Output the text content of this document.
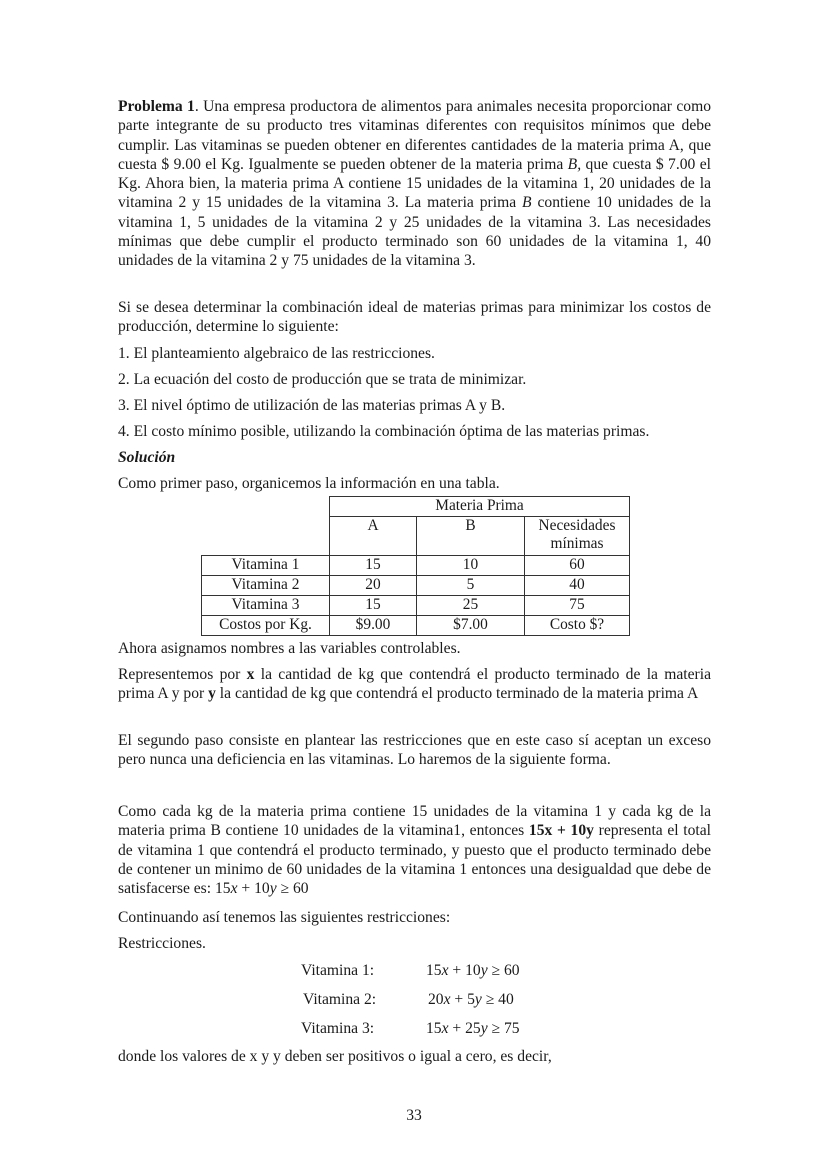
Problema 1. Una empresa productora de alimentos para animales necesita proporcionar como parte integrante de su producto tres vitaminas diferentes con requisitos mínimos que debe cumplir. Las vitaminas se pueden obtener en diferentes cantidades de la materia prima A, que cuesta $ 9.00 el Kg. Igualmente se pueden obtener de la materia prima B, que cuesta $ 7.00 el Kg. Ahora bien, la materia prima A contiene 15 unidades de la vitamina 1, 20 unidades de la vitamina 2 y 15 unidades de la vitamina 3. La materia prima B contiene 10 unidades de la vitamina 1, 5 unidades de la vitamina 2 y 25 unidades de la vitamina 3. Las necesidades mínimas que debe cumplir el producto terminado son 60 unidades de la vitamina 1, 40 unidades de la vitamina 2 y 75 unidades de la vitamina 3.

Si se desea determinar la combinación ideal de materias primas para minimizar los costos de producción, determine lo siguiente:

1. El planteamiento algebraico de las restricciones.

2. La ecuación del costo de producción que se trata de minimizar.

3. El nivel óptimo de utilización de las materias primas A y B.

4. El costo mínimo posible, utilizando la combinación óptima de las materias primas.

Solución

Como primer paso, organicemos la información en una tabla.

	Materia Prima		
	A	B	Necesidades mínimas
Vitamina 1	15	10	60
Vitamina 2	20	5	40
Vitamina 3	15	25	75
Costos por Kg.	$9.00	$7.00	Costo $?

Ahora asignamos nombres a las variables controlables.

Representemos por x la cantidad de kg que contendrá el producto terminado de la materia prima A y por y la cantidad de kg que contendrá el producto terminado de la materia prima A

El segundo paso consiste en plantear las restricciones que en este caso sí aceptan un exceso pero nunca una deficiencia en las vitaminas. Lo haremos de la siguiente forma.

Como cada kg de la materia prima contiene 15 unidades de la vitamina 1 y cada kg de la materia prima B contiene 10 unidades de la vitamina1, entonces 15x + 10y representa el total de vitamina 1 que contendrá el producto terminado, y puesto que el producto terminado debe de contener un minimo de 60 unidades de la vitamina 1 entonces una desigualdad que debe de satisfacerse es: 15x + 10y ≥ 60

Continuando así tenemos las siguientes restricciones:

Restricciones.

Vitamina 1:	15x + 10y ≥ 60
Vitamina 2:	20x + 5y ≥ 40
Vitamina 3:	15x + 25y ≥ 75

donde los valores de x y y deben ser positivos o igual a cero, es decir,

33
